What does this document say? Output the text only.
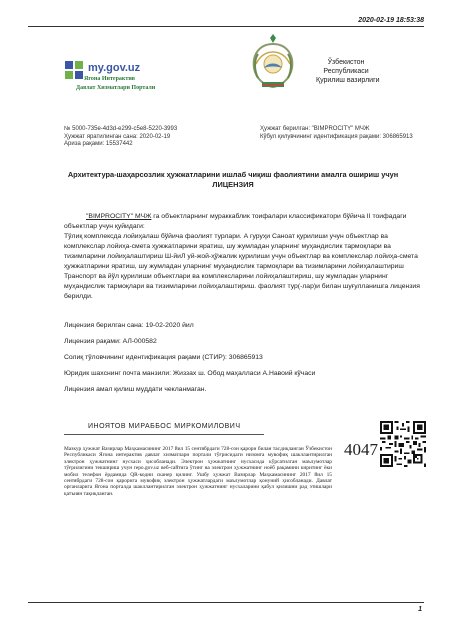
2020-02-19 18:53:38
my.gov.uz
Ягона Интерактив
Давлат Хизматлари Портали
Ўзбекистон
Республикаси
Қурилиш вазирлиги
№ 5000-735e-4d3d-e299-c5e8-5220-3993
Ҳужжат яратилинган сана: 2020-02-19
Ариза рақами: 15537442
Ҳужжат берилган: "BIMPROCITY" МЧЖ
Кўбул қилувчининг идентификация рақами: 306865913
Архитектура-шаҳарсозлик ҳужжатларини ишлаб чиқиш фаолиятини амалга ошириш учун
ЛИЦЕНЗИЯ
"BIMPROCITY" МЧЖ га объектларнинг мураккаблик тоифалари классификатори бўйича II тоифадаги объектлар учун қуйидаги:
Тўлиқ комплексда лойиҳалаш бўйича фаолият турлари. А гуруҳи Саноат қурилиши учун объектлар ва комплекслар лойиҳа-смета ҳужжатларини яратиш, шу жумладан уларнинг муҳандислик тармоқлари ва тизимларини лойиҳалаштириш Ш-йиЛ уй-жой-ҳўжалик қурилиши учун объектлар ва комплекслар лойиҳа-смета ҳужжатларини яратиш, шу жумладан уларнинг муҳандислик тармоқлари ва тизимларини лойиҳалаштириш Транспорт ва йўл қурилиши объектлари ва комплексларини лойиҳалаштириш, шу жумладан уларнинг муҳандислик тармоқлари ва тизимларини лойиҳалаштириш. фаолият тур(-лар)и билан шуғулланишга лицензия берилди.
Лицензия берилган сана: 19-02-2020 йил
Лицензия рақами: АЛ-000582
Солиқ тўловчининг идентификация рақами (СТИР): 306865913
Юридик шахснинг почта манзили: Жиззах ш. Обод маҳалласи А.Навоий кўчаси
Лицензия амал қилиш муддати чекланмаган.
ИНОЯТОВ МИРАББОС МИРКОМИЛОВИЧ
Мазкур ҳужжат Вазирлар Маҳкамасининг 2017 йил 15 сентябрдаги 728-сон қарори билан тасдиқланган Ўзбекистон Республикаси Ягона интерактив давлат хизматлари портали тўғрисидаги низомга мувофиқ шакллантирилган электрон ҳужжатнинг нусхаси ҳисобланади. Электрон ҳужжатнинг нусхасида кўрсатилган маълумотлар тўғрилигини текшириш учун repo.gov.uz веб-сайтига ўтинг ва электрон ҳужжатнинг ноёб рақамини киритинг ёки мобил телефон ёрдамида QR-кодни сканер қилинг. Ушбу ҳужжат Вазирлар Маҳкамасининг 2017 йил 15 сентябрдаги 728-сон қарорига мувофиқ электрон ҳужжатлардаги маълумотлар қонуний ҳисобланади. Давлат органларига Ягона порталда шакллантирилган электрон ҳужжатнинг нусхаларини қабул қилишни рад этишлари қатъиян тақиқланган.
4047
1
